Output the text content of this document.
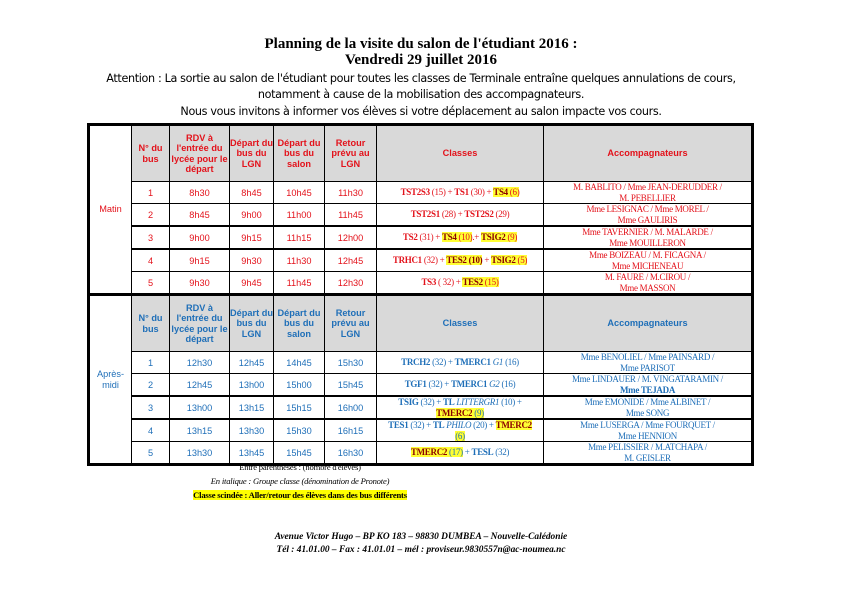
Planning de la visite du salon de l'étudiant 2016 :
Vendredi 29 juillet 2016
Attention : La sortie au salon de l'étudiant pour toutes les classes de Terminale entraîne quelques annulations de cours,
notamment à cause de la mobilisation des accompagnateurs.
Nous vous invitons à informer vos élèves si votre déplacement au salon impacte vos cours.
Matin	N° du bus	RDV à l'entrée du lycée pour le départ	Départ du bus du LGN	Départ du bus du salon	Retour prévu au LGN	Classes	Accompagnateurs
	1	8h30	8h45	10h45	11h30	TST2S3 (15) + TS1 (30) + TS4 (6)	M. BABLITO / Mme JEAN-DERUDDER /
M. PEBELLIER
	2	8h45	9h00	11h00	11h45	TST2S1 (28) + TST2S2 (29)	Mme LESIGNAC / Mme MOREL /
Mme GAULIRIS
	3	9h00	9h15	11h15	12h00	TS2 (31) + TS4 (10).+ TSIG2 (9)	Mme TAVERNIER / M. MALARDE /
Mme MOUILLERON
	4	9h15	9h30	11h30	12h45	TRHC1 (32) + TES2 (10) + TSIG2 (5)	Mme BOIZEAU / M. FICAGNA /
Mme MICHENEAU
	5	9h30	9h45	11h45	12h30	TS3 ( 32) + TES2 (15)	M. FAURE / M.CIROU /
Mme MASSON
Après-
midi	N° du bus	RDV à l'entrée du lycée pour le départ	Départ du bus du LGN	Départ du bus du salon	Retour prévu au LGN	Classes	Accompagnateurs
	1	12h30	12h45	14h45	15h30	TRCH2 (32) + TMERC1 G1 (16)	Mme BENOLIEL / Mme PAINSARD /
Mme PARISOT
	2	12h45	13h00	15h00	15h45	TGF1 (32) + TMERC1 G2 (16)	Mme LINDAUER / M. VINGATARAMIN /
Mme TEJADA
	3	13h00	13h15	15h15	16h00	TSIG (32) + TL LITTERGR1 (10) +
TMERC2 (9)	Mme EMONIDE / Mme ALBINET /
Mme SONG
	4	13h15	13h30	15h30	16h15	TES1 (32) + TL PHILO (20) + TMERC2
(6)	Mme LUSERGA / Mme FOURQUET /
Mme HENNION
	5	13h30	13h45	15h45	16h30	TMERC2 (17) + TESL (32)	Mme PELISSIER / M.ATCHAPA /
M. GEISLER
Entre parenthèses : (nombre d'élèves)
En italique : Groupe classe (dénomination de Pronote)
Classe scindée : Aller/retour des élèves dans des bus différents
Avenue Victor Hugo – BP KO 183 – 98830 DUMBEA – Nouvelle-Calédonie
Tél : 41.01.00 – Fax : 41.01.01 – mél : proviseur.9830557n@ac-noumea.nc
